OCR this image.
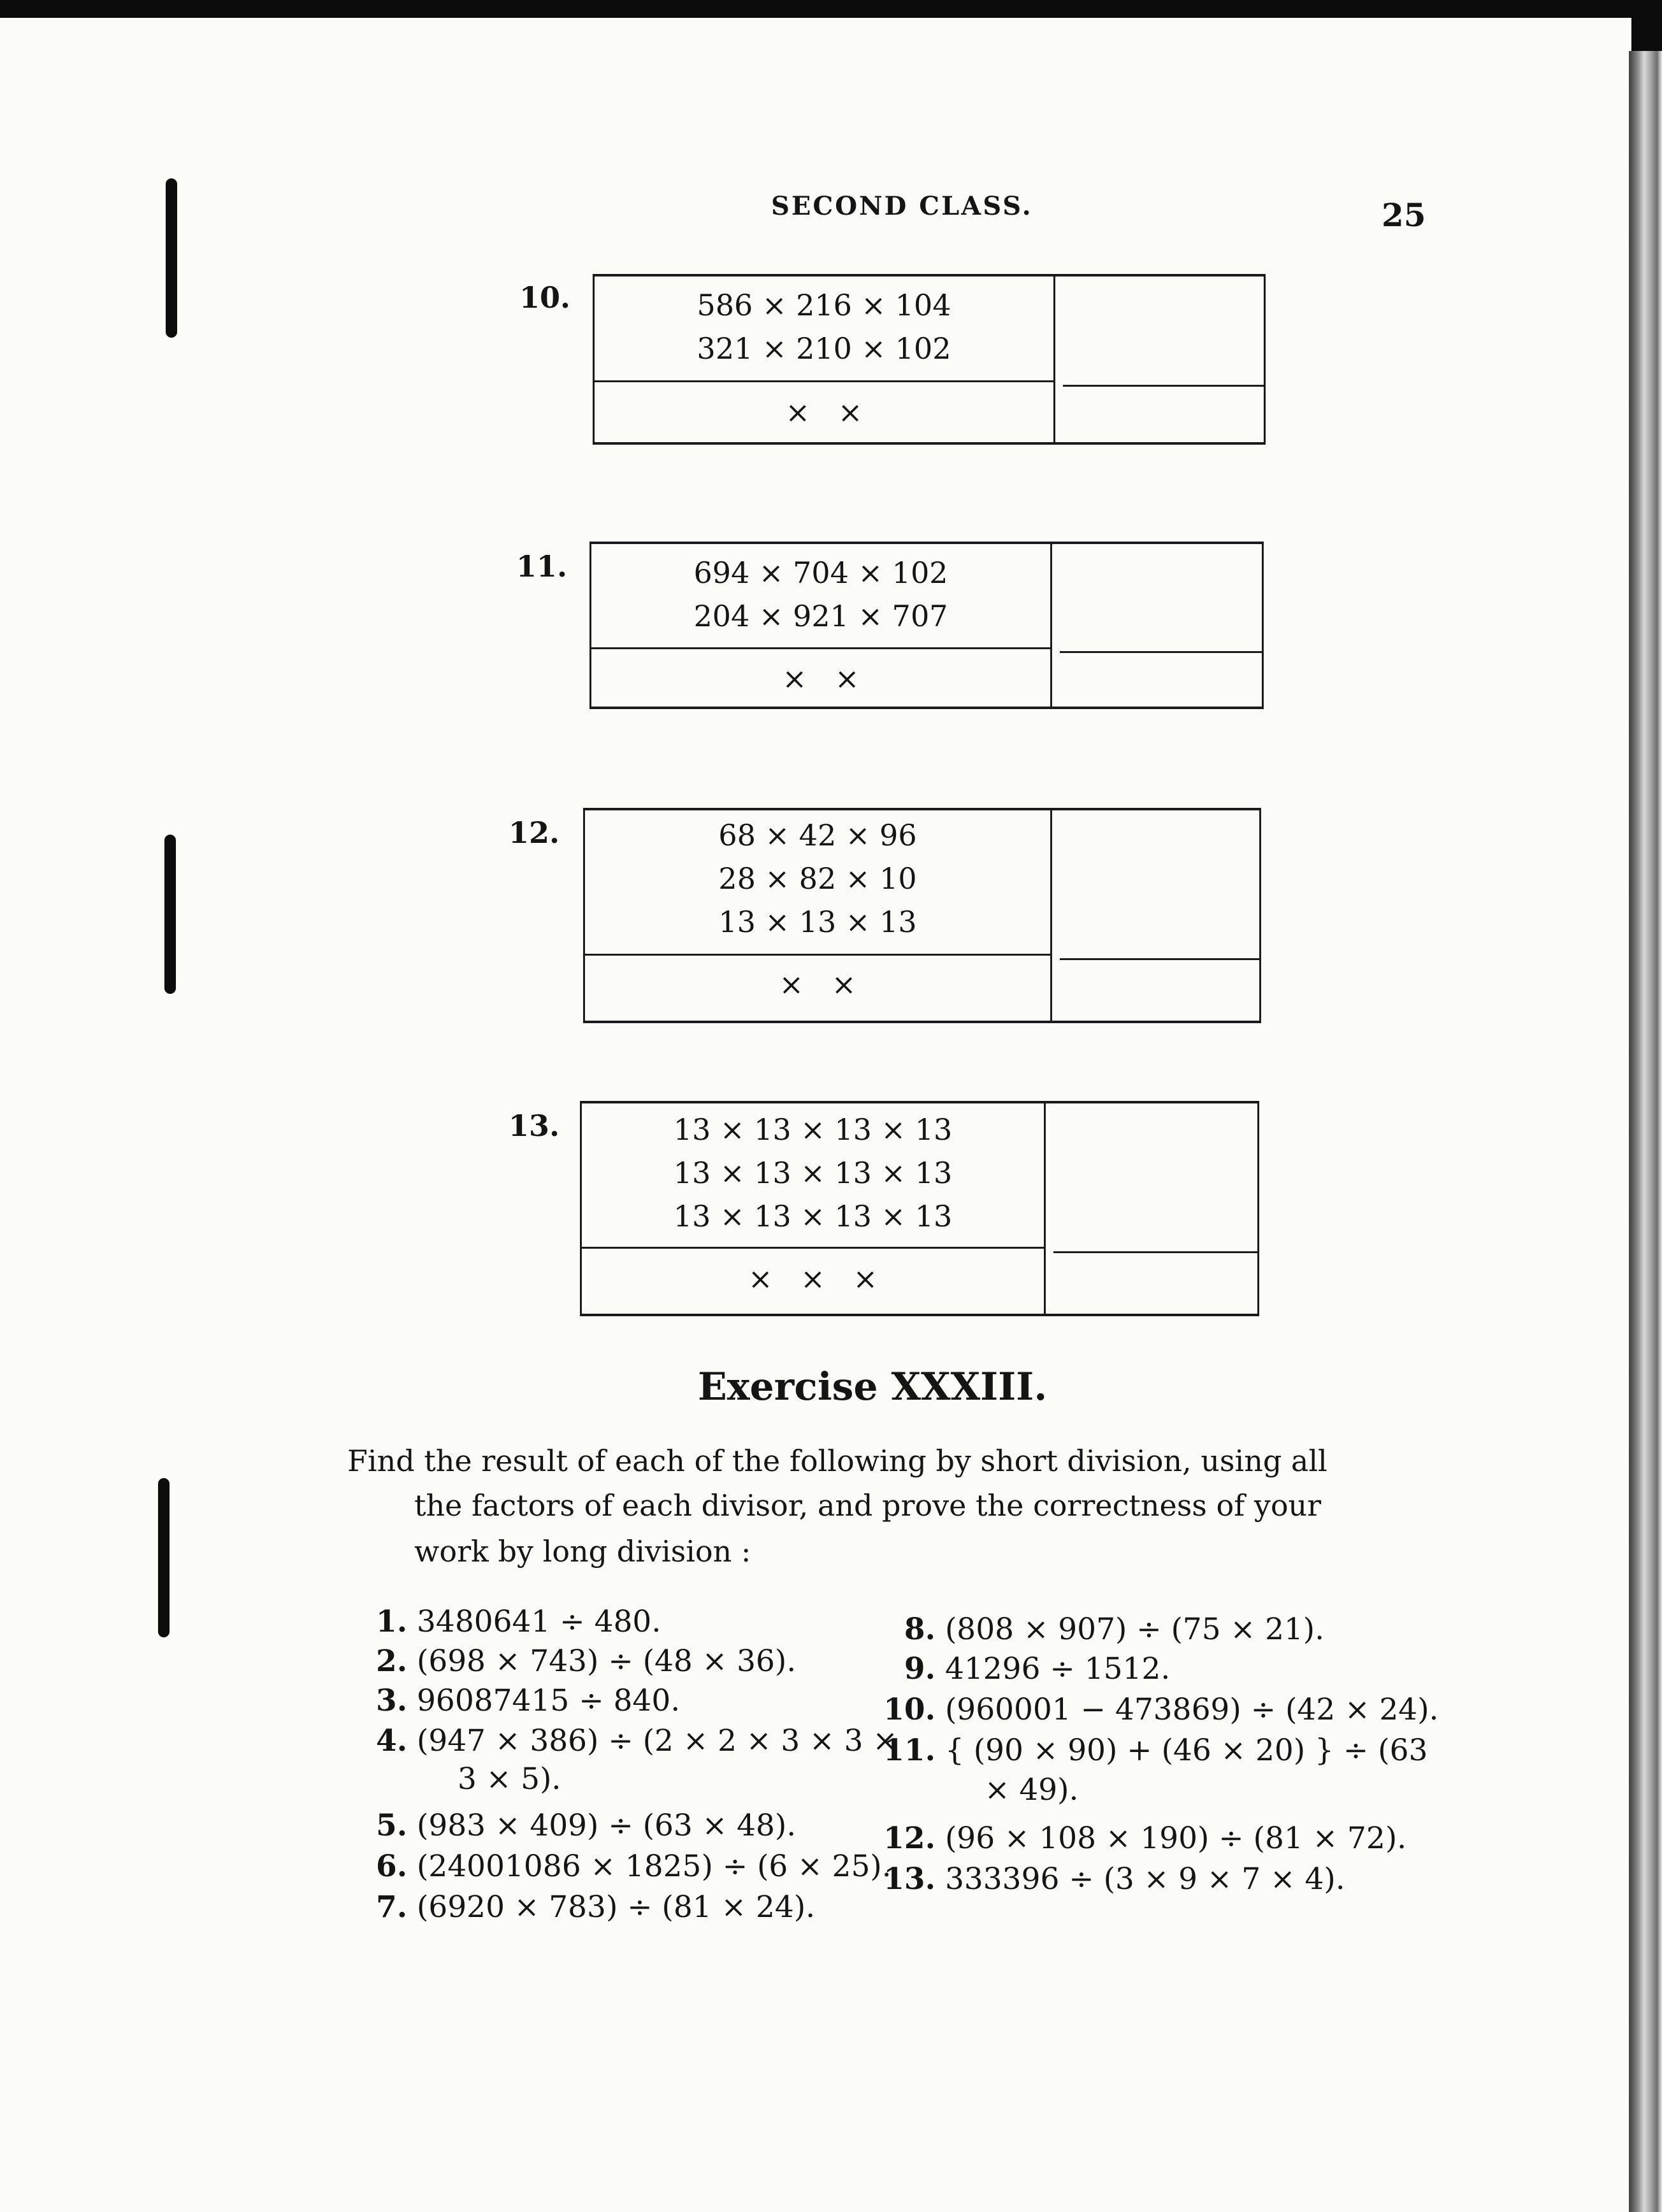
SECOND CLASS.	25
10.	586 × 216 × 104
321 × 210 × 102
×   ×
11.	694 × 704 × 102
204 × 921 × 707
×   ×
12.	68 × 42 × 96
28 × 82 × 10
13 × 13 × 13
×   ×
13.	13 × 13 × 13 × 13
13 × 13 × 13 × 13
13 × 13 × 13 × 13
×   ×   ×
Exercise XXXIII.
Find the result of each of the following by short division, using all
the factors of each divisor, and prove the correctness of your
work by long division :
1. 3480641 ÷ 480.
2. (698 × 743) ÷ (48 × 36).
3. 96087415 ÷ 840.
4. (947 × 386) ÷ (2 × 2 × 3 × 3 ×
3 × 5).
5. (983 × 409) ÷ (63 × 48).
6. (24001086 × 1825) ÷ (6 × 25).
7. (6920 × 783) ÷ (81 × 24).
8. (808 × 907) ÷ (75 × 21).
9. 41296 ÷ 1512.
10. (960001 − 473869) ÷ (42 × 24).
11. { (90 × 90) + (46 × 20) } ÷ (63
× 49).
12. (96 × 108 × 190) ÷ (81 × 72).
13. 333396 ÷ (3 × 9 × 7 × 4).
